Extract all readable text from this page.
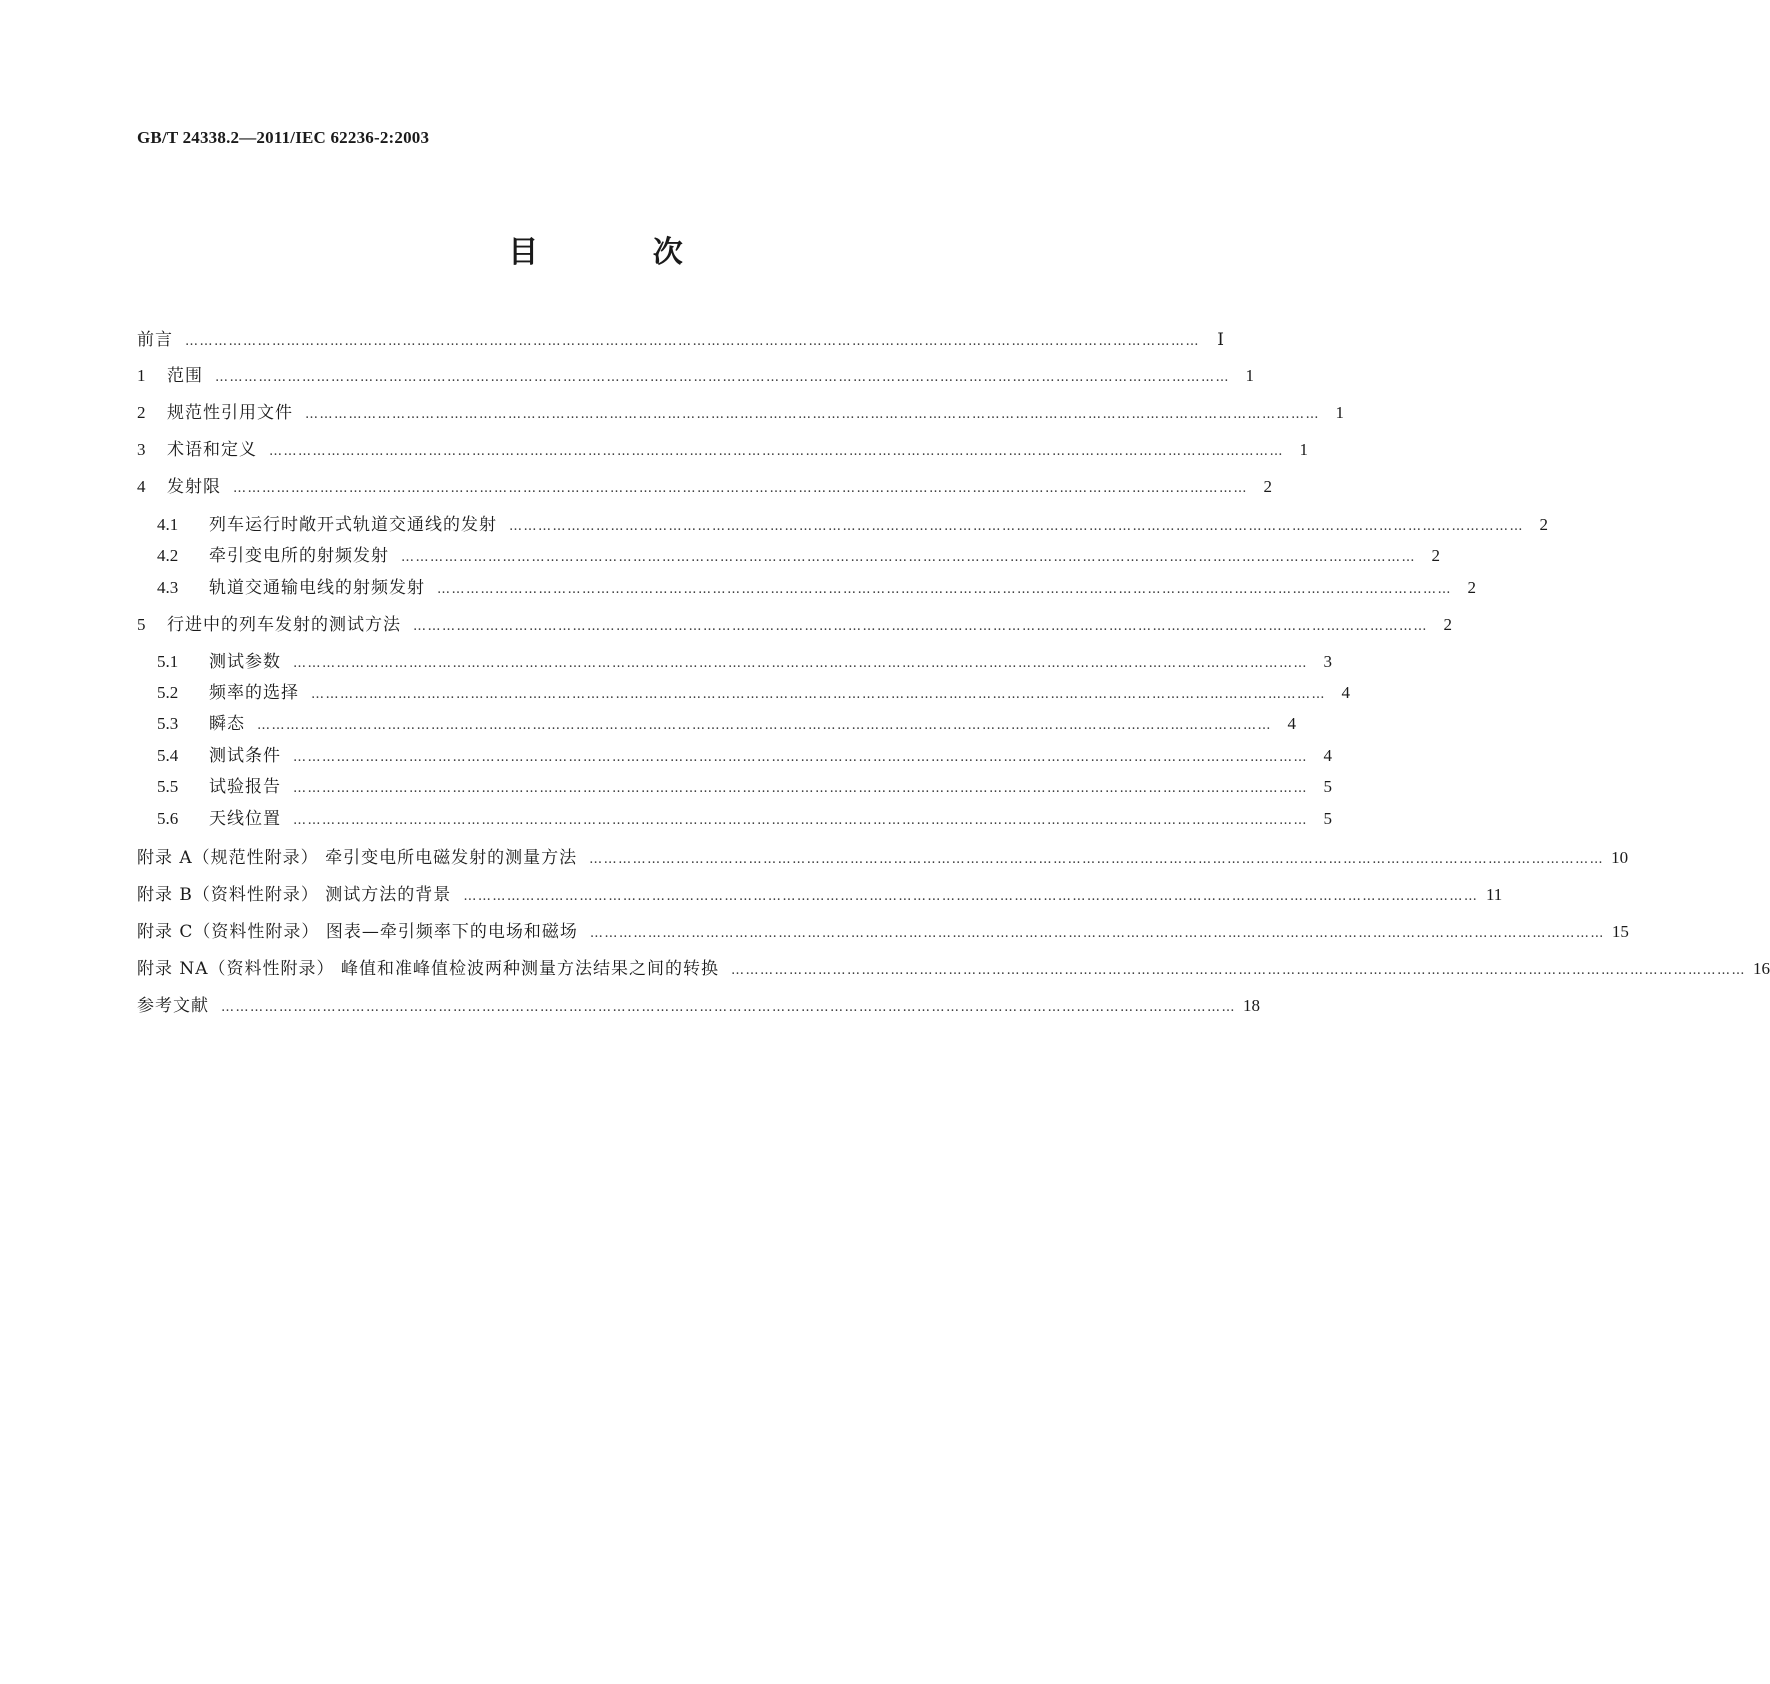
GB/T 24338.2—2011/IEC 62236-2:2003
目 次
前言 …………………………………………………………………………………………………………………………………………………………………………………………	Ⅰ
1	范围 ………………………………………………………………………………………………………………………………………………………………………………………… 1
2	规范性引用文件 ………………………………………………………………………………………………………………………………………………………………………………………… 1
3	术语和定义 ………………………………………………………………………………………………………………………………………………………………………………………… 1
4	发射限 ………………………………………………………………………………………………………………………………………………………………………………………… 2
4.1	列车运行时敞开式轨道交通线的发射 ………………………………………………………………………………………………………………………………………………………………………………………… 2
4.2	牵引变电所的射频发射 ………………………………………………………………………………………………………………………………………………………………………………………… 2
4.3	轨道交通输电线的射频发射 ………………………………………………………………………………………………………………………………………………………………………………………… 2
5	行进中的列车发射的测试方法 ………………………………………………………………………………………………………………………………………………………………………………………… 2
5.1	测试参数 ………………………………………………………………………………………………………………………………………………………………………………………… 3
5.2	频率的选择 ………………………………………………………………………………………………………………………………………………………………………………………… 4
5.3	瞬态 ………………………………………………………………………………………………………………………………………………………………………………………… 4
5.4	测试条件 ………………………………………………………………………………………………………………………………………………………………………………………… 4
5.5	试验报告 ………………………………………………………………………………………………………………………………………………………………………………………… 5
5.6	天线位置 ………………………………………………………………………………………………………………………………………………………………………………………… 5
附录 A（规范性附录） 牵引变电所电磁发射的测量方法 ………………………………………………………………………………………………………………………………………………………………………………………… 10
附录 B（资料性附录） 测试方法的背景 ………………………………………………………………………………………………………………………………………………………………………………………… 11
附录 C（资料性附录） 图表—牵引频率下的电场和磁场 ………………………………………………………………………………………………………………………………………………………………………………………… 15
附录 NA（资料性附录） 峰值和准峰值检波两种测量方法结果之间的转换 ………………………………………………………………………………………………………………………………………………………………………………………… 16
参考文献 ………………………………………………………………………………………………………………………………………………………………………………………… 18
